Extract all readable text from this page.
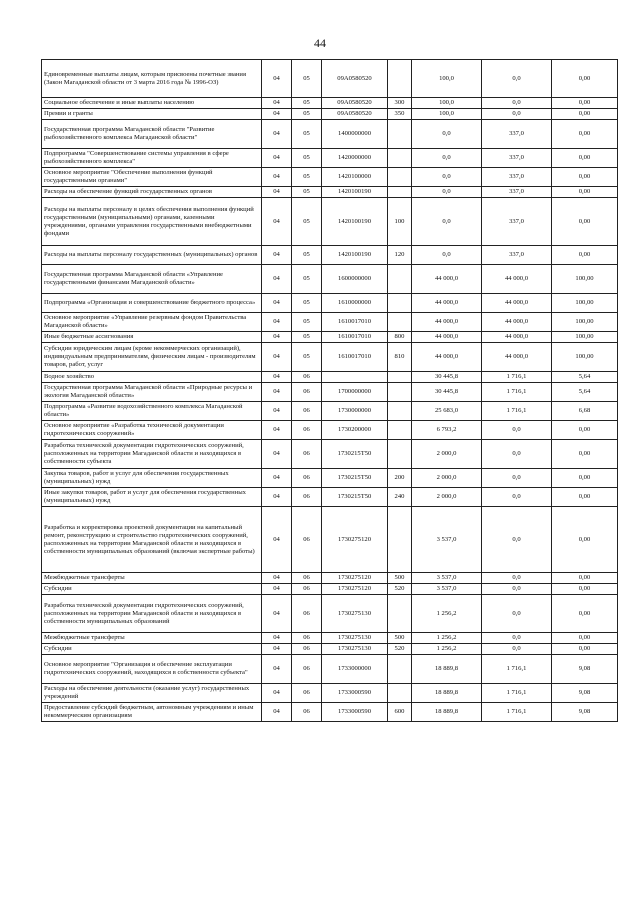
44
Единовременные выплаты лицам, которым присвоены почетные звания (Закон Магаданской области от 3 марта 2016 года № 1996-ОЗ)	04	05	09А0580520		100,0	0,0	0,00
Социальное обеспечение и иные выплаты населению	04	05	09А0580520	300	100,0	0,0	0,00
Премии и гранты	04	05	09А0580520	350	100,0	0,0	0,00
Государственная программа Магаданской области "Развитие рыбохозяйственного комплекса Магаданской области"	04	05	1400000000		0,0	337,0	0,00
Подпрограмма "Совершенствование системы управления в сфере рыбохозяйственного комплекса"	04	05	1420000000		0,0	337,0	0,00
Основное мероприятие "Обеспечение выполнения функций государственными органами"	04	05	1420100000		0,0	337,0	0,00
Расходы на обеспечение функций государственных органов	04	05	1420100190		0,0	337,0	0,00
Расходы на выплаты персоналу в целях обеспечения выполнения функций государственными (муниципальными) органами, казенными учреждениями, органами управления государственными внебюджетными фондами	04	05	1420100190	100	0,0	337,0	0,00
Расходы на выплаты персоналу государственных (муниципальных) органов	04	05	1420100190	120	0,0	337,0	0,00
Государственная программа Магаданской области «Управление государственными финансами Магаданской области»	04	05	1600000000		44 000,0	44 000,0	100,00
Подпрограмма «Организация и совершенствование бюджетного процесса»	04	05	1610000000		44 000,0	44 000,0	100,00
Основное мероприятие «Управление резервным фондом Правительства Магаданской области»	04	05	1610017010		44 000,0	44 000,0	100,00
Иные бюджетные ассигнования	04	05	1610017010	800	44 000,0	44 000,0	100,00
Субсидии юридическим лицам (кроме некоммерческих организаций), индивидуальным предпринимателям, физическим лицам - производителям товаров, работ, услуг	04	05	1610017010	810	44 000,0	44 000,0	100,00
Водное хозяйство	04	06			30 445,8	1 716,1	5,64
Государственная программа Магаданской области «Природные ресурсы и экология Магаданской области»	04	06	1700000000		30 445,8	1 716,1	5,64
Подпрограмма «Развитие водохозяйственного комплекса Магаданской области»	04	06	1730000000		25 683,0	1 716,1	6,68
Основное мероприятие «Разработка технической документации гидротехнических сооружений»	04	06	1730200000		6 793,2	0,0	0,00
Разработка технической документации гидротехнических сооружений, расположенных на территории Магаданской области и находящихся в собственности субъекта	04	06	1730215Т50		2 000,0	0,0	0,00
Закупка товаров, работ и услуг для обеспечения государственных (муниципальных) нужд	04	06	1730215Т50	200	2 000,0	0,0	0,00
Иные закупки товаров, работ и услуг для обеспечения государственных (муниципальных) нужд	04	06	1730215Т50	240	2 000,0	0,0	0,00
Разработка и корректировка проектной документации на капитальный ремонт, реконструкцию и строительство гидротехнических сооружений, расположенных на территории Магаданской области и находящихся в собственности муниципальных образований (включая экспертные работы)	04	06	1730275120		3 537,0	0,0	0,00
Межбюджетные трансферты	04	06	1730275120	500	3 537,0	0,0	0,00
Субсидии	04	06	1730275120	520	3 537,0	0,0	0,00
Разработка технической документации гидротехнических сооружений, расположенных на территории Магаданской области и находящихся в собственности муниципальных образований	04	06	1730275130		1 256,2	0,0	0,00
Межбюджетные трансферты	04	06	1730275130	500	1 256,2	0,0	0,00
Субсидии	04	06	1730275130	520	1 256,2	0,0	0,00
Основное мероприятие "Организация и обеспечение эксплуатации гидротехнических сооружений, находящихся в собственности субъекта"	04	06	1733000000		18 889,8	1 716,1	9,08
Расходы на обеспечение деятельности (оказание услуг) государственных учреждений	04	06	1733000590		18 889,8	1 716,1	9,08
Предоставление субсидий бюджетным, автономным учреждениям и иным некоммерческим организациям	04	06	1733000590	600	18 889,8	1 716,1	9,08
